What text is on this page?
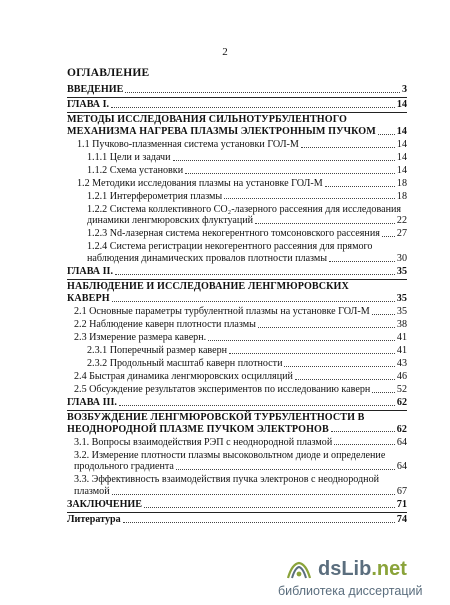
2
ОГЛАВЛЕНИЕ
ВВЕДЕНИЕ	3
ГЛАВА I.	14
МЕТОДЫ ИССЛЕДОВАНИЯ СИЛЬНОТУРБУЛЕНТНОГО
МЕХАНИЗМА НАГРЕВА ПЛАЗМЫ ЭЛЕКТРОННЫМ ПУЧКОМ 14
1.1 Пучково-плазменная система установки ГОЛ-М	14
1.1.1 Цели и задачи	14
1.1.2 Схема установки	14
1.2 Методики исследования плазмы на установке ГОЛ-М	18
1.2.1 Интерферометрия плазмы	18
1.2.2 Система коллективного CO₂-лазерного рассеяния для исследования
динамики ленгмюровских флуктуаций	22
1.2.3 Nd-лазерная система некогерентного томсоновского рассеяния 27
1.2.4 Система регистрации некогерентного рассеяния для прямого
наблюдения динамических провалов плотности плазмы	30
ГЛАВА II.	35
НАБЛЮДЕНИЕ И ИССЛЕДОВАНИЕ ЛЕНГМЮРОВСКИХ
КАВЕРН	35
2.1 Основные параметры турбулентной плазмы на установке ГОЛ-М	35
2.2 Наблюдение каверн плотности плазмы	38
2.3 Измерение размера каверн.	41
2.3.1 Поперечный размер каверн	41
2.3.2 Продольный масштаб каверн плотности	43
2.4 Быстрая динамика ленгмюровских осцилляций	46
2.5 Обсуждение результатов экспериментов по исследованию каверн	52
ГЛАВА III.	62
ВОЗБУЖДЕНИЕ ЛЕНГМЮРОВСКОЙ ТУРБУЛЕНТНОСТИ В
НЕОДНОРОДНОЙ ПЛАЗМЕ ПУЧКОМ ЭЛЕКТРОНОВ	62
3.1. Вопросы взаимодействия РЭП с неоднородной плазмой	64
3.2. Измерение плотности плазмы высоковольтном диоде и определение
продольного градиента	64
3.3. Эффективность взаимодействия пучка электронов с неоднородной
плазмой	67
ЗАКЛЮЧЕНИЕ	71
Литература	74
dsLib.net
библиотека диссертаций
